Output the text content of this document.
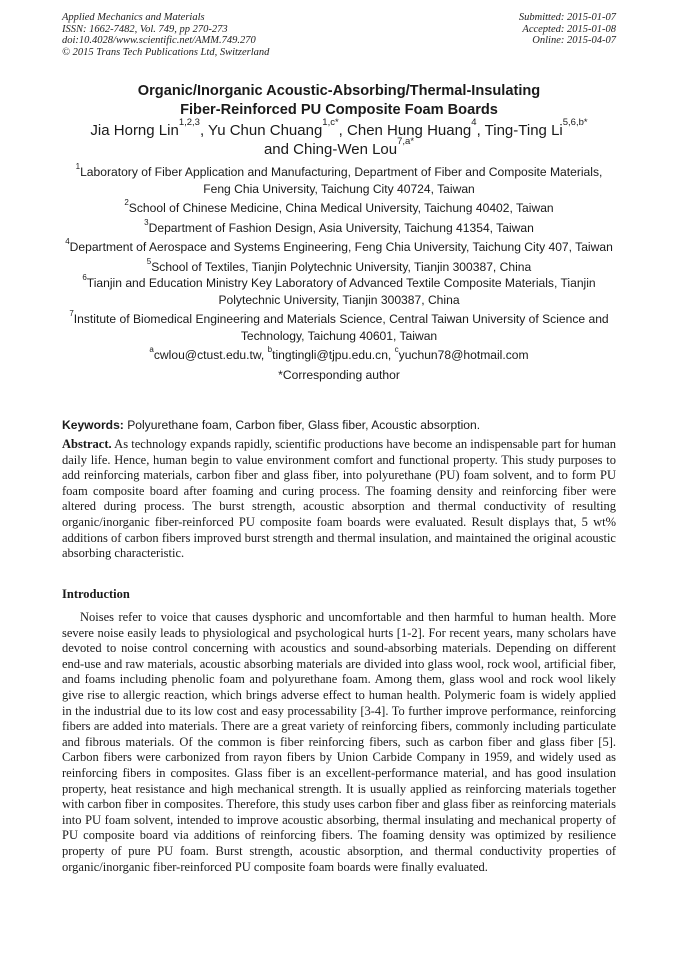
Applied Mechanics and Materials
ISSN: 1662-7482, Vol. 749, pp 270-273
doi:10.4028/www.scientific.net/AMM.749.270
© 2015 Trans Tech Publications Ltd, Switzerland
Submitted: 2015-01-07
Accepted: 2015-01-08
Online: 2015-04-07
Organic/Inorganic Acoustic-Absorbing/Thermal-Insulating
Fiber-Reinforced PU Composite Foam Boards
Jia Horng Lin$^{1,2,3}$, Yu Chun Chuang$^{1,c*}$, Chen Hung Huang$^4$, Ting-Ting $Li^{5,6,b*}$
and Ching-Wen Lou$^{7,a*}$
$^1$Laboratory of Fiber Application and Manufacturing, Department of Fiber and Composite Materials, Feng Chia University, Taichung City 40724, Taiwan
$^2$School of Chinese Medicine, China Medical University, Taichung 40402, Taiwan
$^3$Department of Fashion Design, Asia University, Taichung 41354, Taiwan
$^4$Department of Aerospace and Systems Engineering, Feng Chia University, Taichung City 407, Taiwan
$^5$School of Textiles, Tianjin Polytechnic University, Tianjin 300387, China
$^6$Tianjin and Education Ministry Key Laboratory of Advanced Textile Composite Materials, Tianjin Polytechnic University, Tianjin 300387, China
$^7$Institute of Biomedical Engineering and Materials Science, Central Taiwan University of Science and Technology, Taichung 40601, Taiwan
$^a$cwlou@ctust.edu.tw, $^b$tingtingli@tjpu.edu.cn, $^c$yuchun78@hotmail.com
*Corresponding author
Keywords: Polyurethane foam, Carbon fiber, Glass fiber, Acoustic absorption.
Abstract. As technology expands rapidly, scientific productions have become an indispensable part for human daily life. Hence, human begin to value environment comfort and functional property. This study purposes to add reinforcing materials, carbon fiber and glass fiber, into polyurethane (PU) foam solvent, and to form PU foam composite board after foaming and curing process. The foaming density and reinforcing fiber were altered during process. The burst strength, acoustic absorption and thermal conductivity of resulting organic/inorganic fiber-reinforced PU composite foam boards were evaluated. Result displays that, 5 wt% additions of carbon fibers improved burst strength and thermal insulation, and maintained the original acoustic absorbing characteristic.
Introduction
Noises refer to voice that causes dysphoric and uncomfortable and then harmful to human health. More severe noise easily leads to physiological and psychological hurts [1-2]. For recent years, many scholars have devoted to noise control concerning with acoustics and sound-absorbing materials. Depending on different end-use and raw materials, acoustic absorbing materials are divided into glass wool, rock wool, artificial fiber, and foams including phenolic foam and polyurethane foam. Among them, glass wool and rock wool likely give rise to allergic reaction, which brings adverse effect to human health. Polymeric foam is widely applied in the industrial due to its low cost and easy processability [3-4]. To further improve performance, reinforcing fibers are added into materials. There are a great variety of reinforcing fibers, commonly including particulate and fibrous materials. Of the common is fiber reinforcing fibers, such as carbon fiber and glass fiber [5]. Carbon fibers were carbonized from rayon fibers by Union Carbide Company in 1959, and widely used as reinforcing fibers in composites. Glass fiber is an excellent-performance material, and has good insulation property, heat resistance and high mechanical strength. It is usually applied as reinforcing materials together with carbon fiber in composites. Therefore, this study uses carbon fiber and glass fiber as reinforcing materials into PU foam solvent, intended to improve acoustic absorbing, thermal insulating and mechanical property of PU composite board via additions of reinforcing fibers. The foaming density was optimized by resilience property of pure PU foam. Burst strength, acoustic absorption, and thermal conductivity properties of organic/inorganic fiber-reinforced PU composite foam boards were finally evaluated.
